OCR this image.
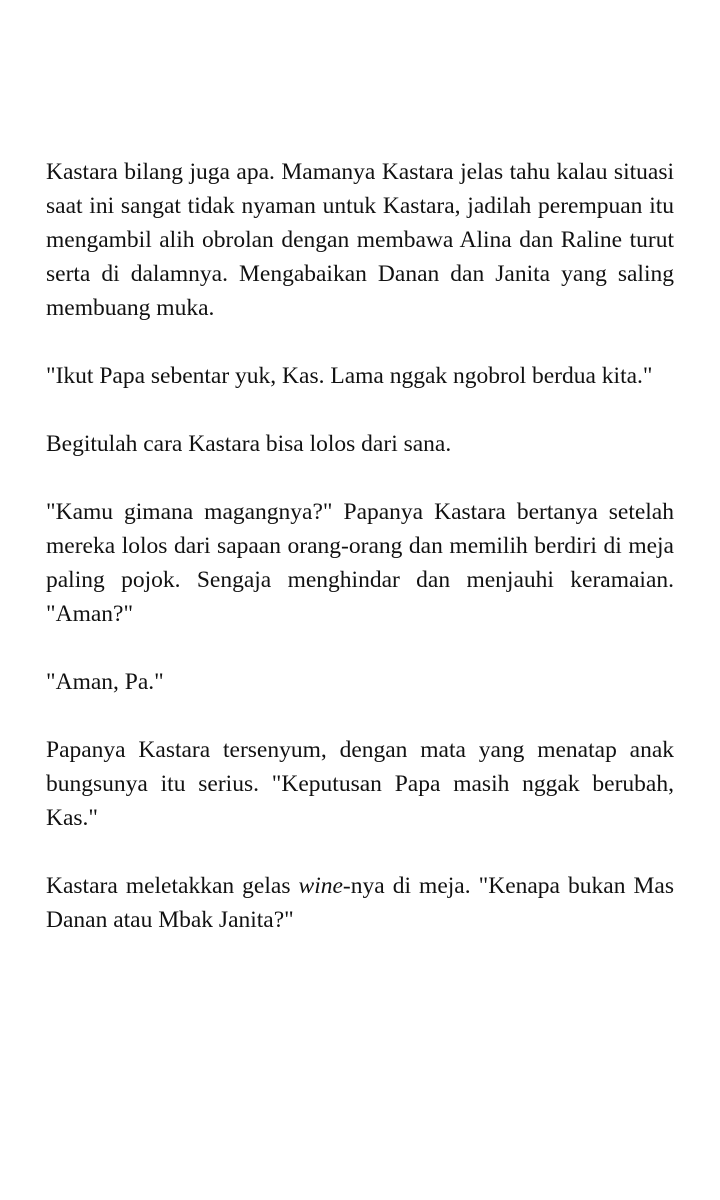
Kastara bilang juga apa. Mamanya Kastara jelas tahu kalau situasi saat ini sangat tidak nyaman untuk Kastara, jadilah perempuan itu mengambil alih obrolan dengan membawa Alina dan Raline turut serta di dalamnya. Mengabaikan Danan dan Janita yang saling membuang muka.

"Ikut Papa sebentar yuk, Kas. Lama nggak ngobrol berdua kita."

Begitulah cara Kastara bisa lolos dari sana.

"Kamu gimana magangnya?" Papanya Kastara bertanya setelah mereka lolos dari sapaan orang-orang dan memilih berdiri di meja paling pojok. Sengaja menghindar dan menjauhi keramaian. "Aman?"

"Aman, Pa."

Papanya Kastara tersenyum, dengan mata yang menatap anak bungsunya itu serius. "Keputusan Papa masih nggak berubah, Kas."

Kastara meletakkan gelas wine-nya di meja. "Kenapa bukan Mas Danan atau Mbak Janita?"
